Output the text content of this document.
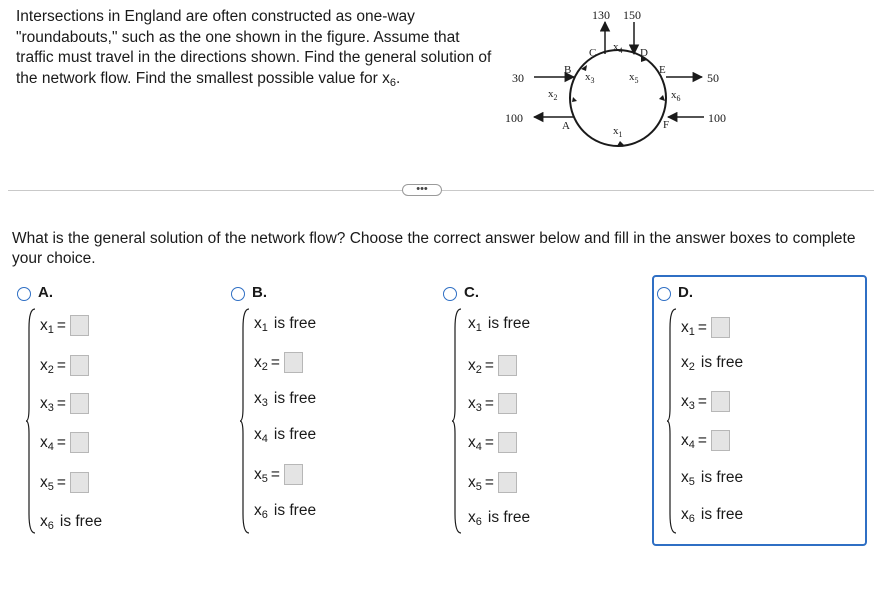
Intersections in England are often constructed as one-way "roundabouts," such as the one shown in the figure. Assume that traffic must travel in the directions shown. Find the general solution of the network flow. Find the smallest possible value for $x_6$.

130 150
30
100
50
100
A
B
C	D
E
F
$x_4$
$x_3$	$x_5$
$x_2$	$x_6$
$x_1$
•••

What is the general solution of the network flow? Choose the correct answer below and fill in the answer boxes to complete your choice.

A.
$x_1$ =
$x_2$ =
$x_3$ =
$x_4$ =
$x_5$ =
$x_6$ is free
B.
$x_1$ is free
$x_2$ =
$x_3$ is free
$x_4$ is free
$x_5$ =
$x_6$ is free
C.
$x_1$ is free
$x_2$ =
$x_3$ =
$x_4$ =
$x_5$ =
$x_6$ is free
D.
$x_1$ =
$x_2$ is free
$x_3$ =
$x_4$ =
$x_5$ is free
$x_6$ is free
